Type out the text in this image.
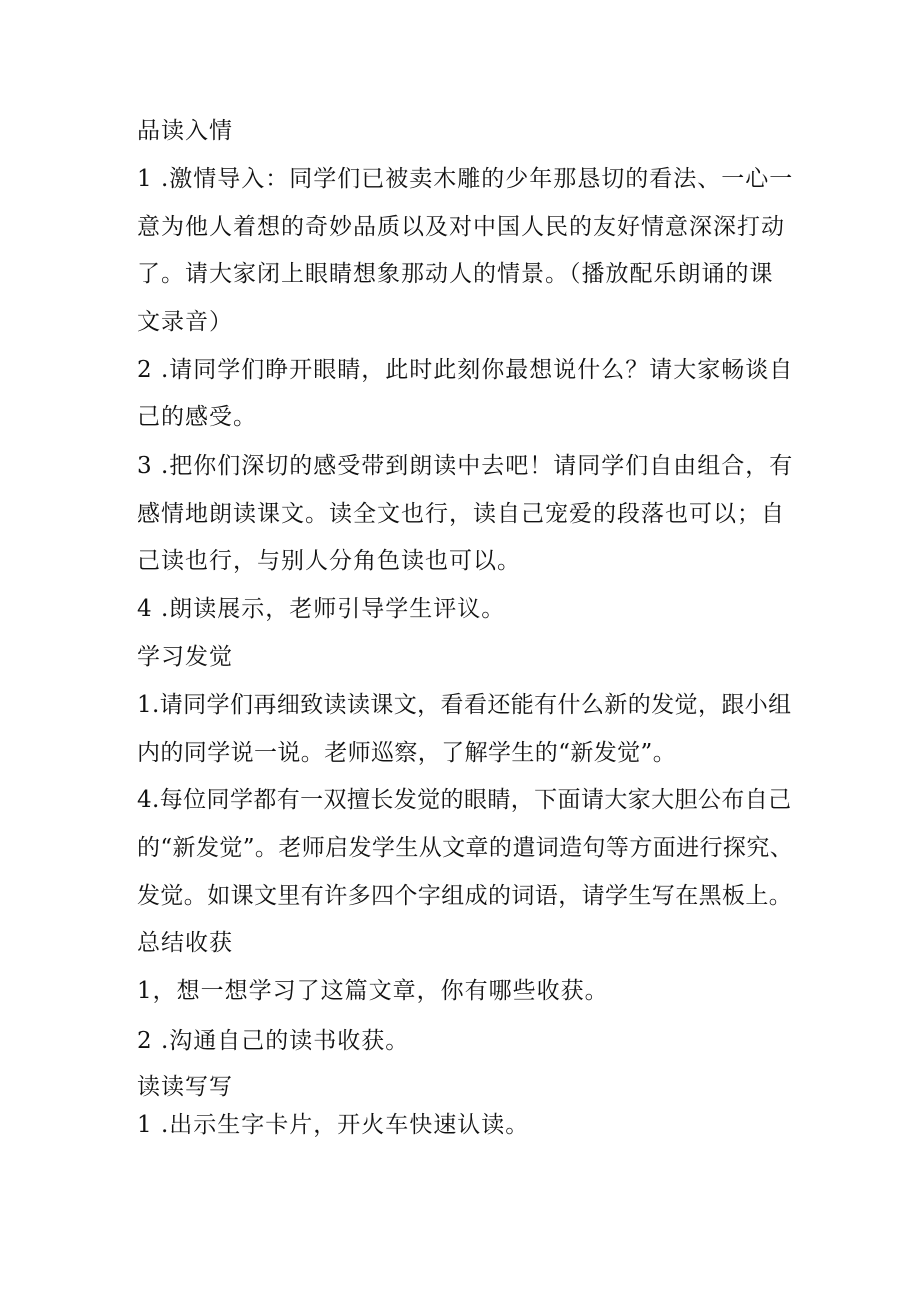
品读入情
1 .激情导入：同学们已被卖木雕的少年那恳切的看法、一心一
意为他人着想的奇妙品质以及对中国人民的友好情意深深打动
了。请大家闭上眼睛想象那动人的情景。（播放配乐朗诵的课
文录音）
2 .请同学们睁开眼睛，此时此刻你最想说什么？请大家畅谈自
己的感受。
3 .把你们深切的感受带到朗读中去吧！请同学们自由组合，有
感情地朗读课文。读全文也行，读自己宠爱的段落也可以；自
己读也行，与别人分角色读也可以。
4 .朗读展示，老师引导学生评议。
学习发觉
1.请同学们再细致读读课文，看看还能有什么新的发觉，跟小组
内的同学说一说。老师巡察，了解学生的“新发觉”。
4.每位同学都有一双擅长发觉的眼睛，下面请大家大胆公布自己
的“新发觉”。老师启发学生从文章的遣词造句等方面进行探究、
发觉。如课文里有许多四个字组成的词语，请学生写在黑板上。
总结收获
1，想一想学习了这篇文章，你有哪些收获。
2 .沟通自己的读书收获。
读读写写
1 .出示生字卡片，开火车快速认读。
